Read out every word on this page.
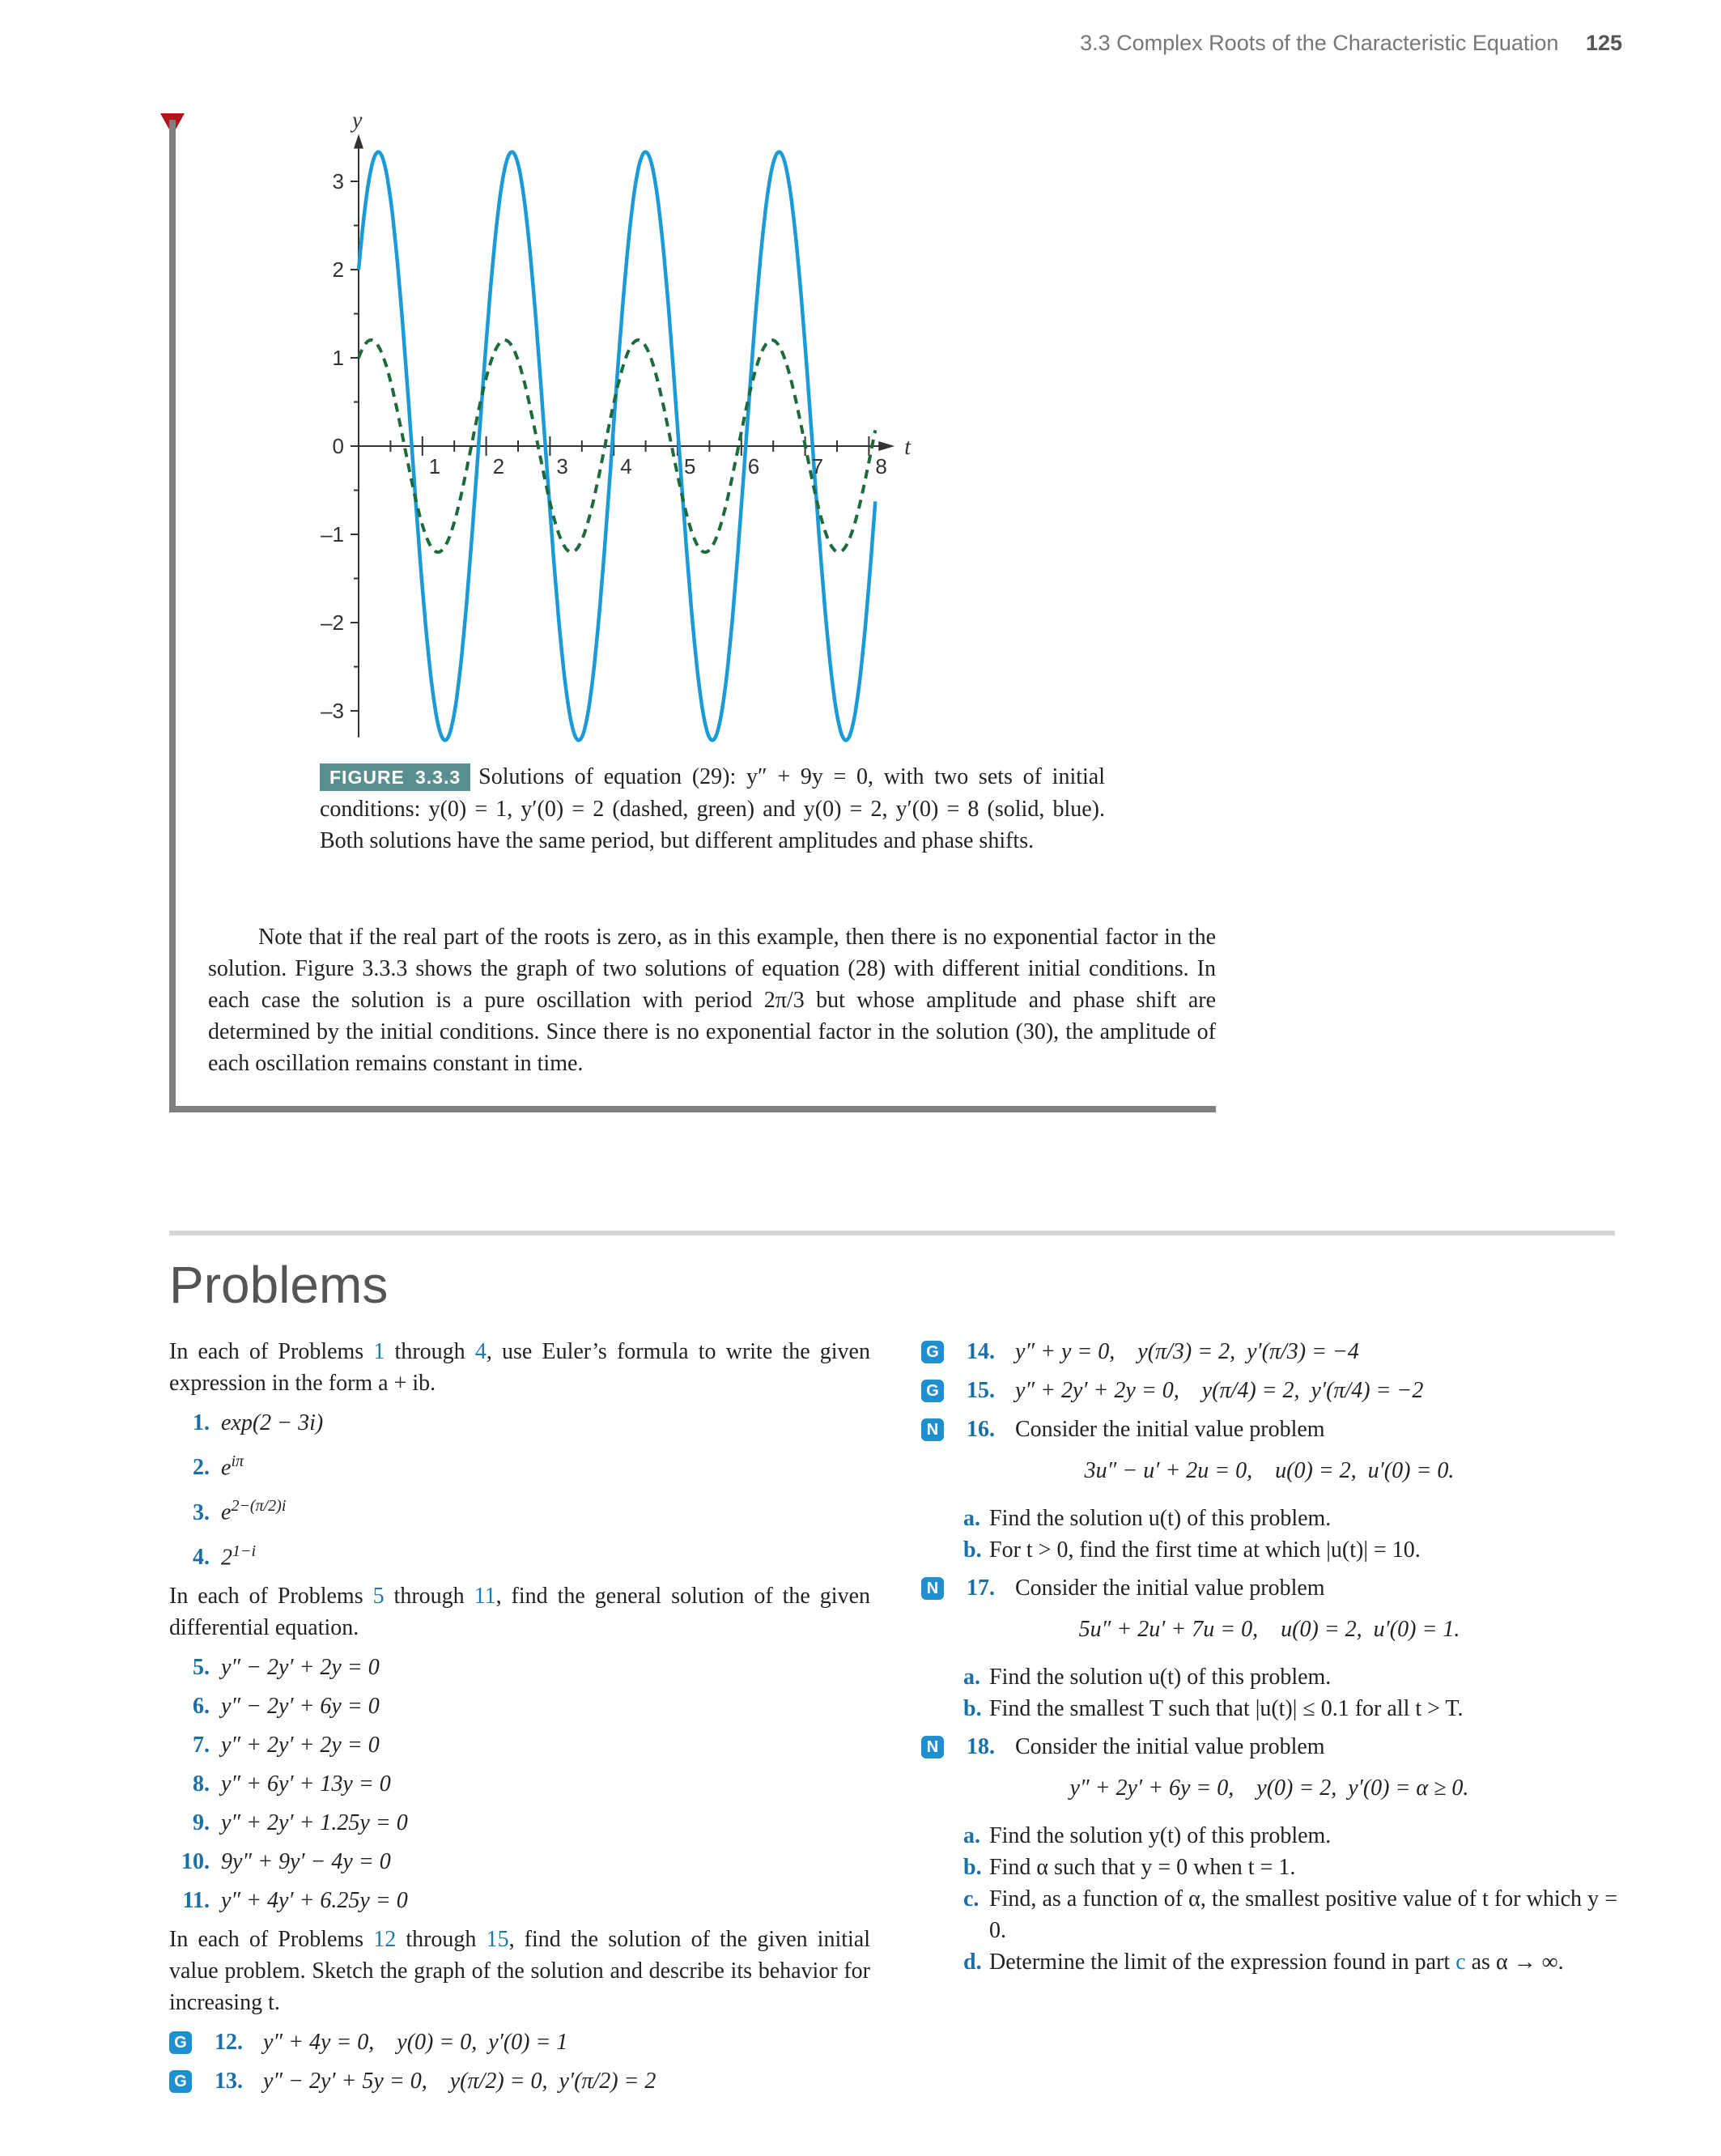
3.3 Complex Roots of the Characteristic Equation 125
1 2 3 4 5 6 7 8
3
2
1
0
–1
–2
–3
t
y
FIGURE 3.3.3 Solutions of equation (29): y″ + 9y = 0, with two sets of initial conditions: y(0) = 1, y′(0) = 2 (dashed, green) and y(0) = 2, y′(0) = 8 (solid, blue). Both solutions have the same period, but different amplitudes and phase shifts.
Note that if the real part of the roots is zero, as in this example, then there is no exponential factor in the solution. Figure 3.3.3 shows the graph of two solutions of equation (28) with different initial conditions. In each case the solution is a pure oscillation with period 2π/3 but whose amplitude and phase shift are determined by the initial conditions. Since there is no exponential factor in the solution (30), the amplitude of each oscillation remains constant in time.
Problems

In each of Problems 1 through 4, use Euler’s formula to write the given expression in the form a + ib.

1. exp(2 − 3i)
2. $e^{i\pi}$
3. $e^{2-(\pi/2)i}$
4. $2^{1-i}$

In each of Problems 5 through 11, find the general solution of the given differential equation.

5. y″ − 2y′ + 2y = 0
6. y″ − 2y′ + 6y = 0
7. y″ + 2y′ + 2y = 0
8. y″ + 6y′ + 13y = 0
9. y″ + 2y′ + 1.25y = 0
10. 9y″ + 9y′ − 4y = 0
11. y″ + 4y′ + 6.25y = 0

In each of Problems 12 through 15, find the solution of the given initial value problem. Sketch the graph of the solution and describe its behavior for increasing t.

G	12. y″ + 4y = 0,    y(0) = 0,  y′(0) = 1
G	13. y″ − 2y′ + 5y = 0,    y(π/2) = 0,  y′(π/2) = 2
G	14. y″ + y = 0,    y(π/3) = 2,  y′(π/3) = −4
G	15. y″ + 2y′ + 2y = 0,    y(π/4) = 2,  y′(π/4) = −2
N	16. Consider the initial value problem
3u″ − u′ + 2u = 0,    u(0) = 2,  u′(0) = 0.
a. Find the solution u(t) of this problem.
b. For t > 0, find the first time at which |u(t)| = 10.
N	17. Consider the initial value problem
5u″ + 2u′ + 7u = 0,    u(0) = 2,  u′(0) = 1.
a. Find the solution u(t) of this problem.
b. Find the smallest T such that |u(t)| ≤ 0.1 for all t > T.
N	18. Consider the initial value problem
y″ + 2y′ + 6y = 0,    y(0) = 2,  y′(0) = α ≥ 0.
a. Find the solution y(t) of this problem.
b. Find α such that y = 0 when t = 1.
c. Find, as a function of α, the smallest positive value of t for which y = 0.
d. Determine the limit of the expression found in part c as α → ∞.
